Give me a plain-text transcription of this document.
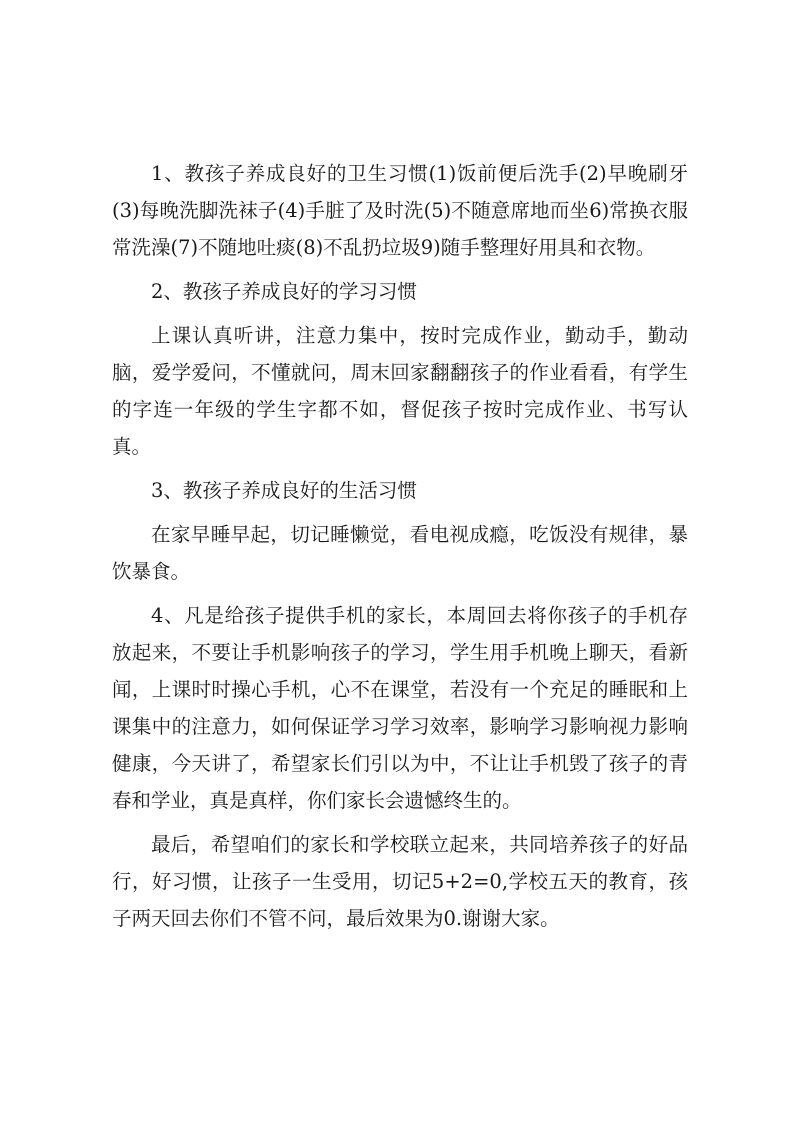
1、教孩子养成良好的卫生习惯(1)饭前便后洗手(2)早晚刷牙(3)每晚洗脚洗袜子(4)手脏了及时洗(5)不随意席地而坐6)常换衣服常洗澡(7)不随地吐痰(8)不乱扔垃圾9)随手整理好用具和衣物。

2、教孩子养成良好的学习习惯

上课认真听讲，注意力集中，按时完成作业，勤动手，勤动脑，爱学爱问，不懂就问，周末回家翻翻孩子的作业看看，有学生的字连一年级的学生字都不如，督促孩子按时完成作业、书写认真。

3、教孩子养成良好的生活习惯

在家早睡早起，切记睡懒觉，看电视成瘾，吃饭没有规律，暴饮暴食。

4、凡是给孩子提供手机的家长，本周回去将你孩子的手机存放起来，不要让手机影响孩子的学习，学生用手机晚上聊天，看新闻，上课时时操心手机，心不在课堂，若没有一个充足的睡眠和上课集中的注意力，如何保证学习学习效率，影响学习影响视力影响健康，今天讲了，希望家长们引以为中，不让让手机毁了孩子的青春和学业，真是真样，你们家长会遗憾终生的。

最后，希望咱们的家长和学校联立起来，共同培养孩子的好品行，好习惯，让孩子一生受用，切记5+2=0,学校五天的教育，孩子两天回去你们不管不问，最后效果为0.谢谢大家。
